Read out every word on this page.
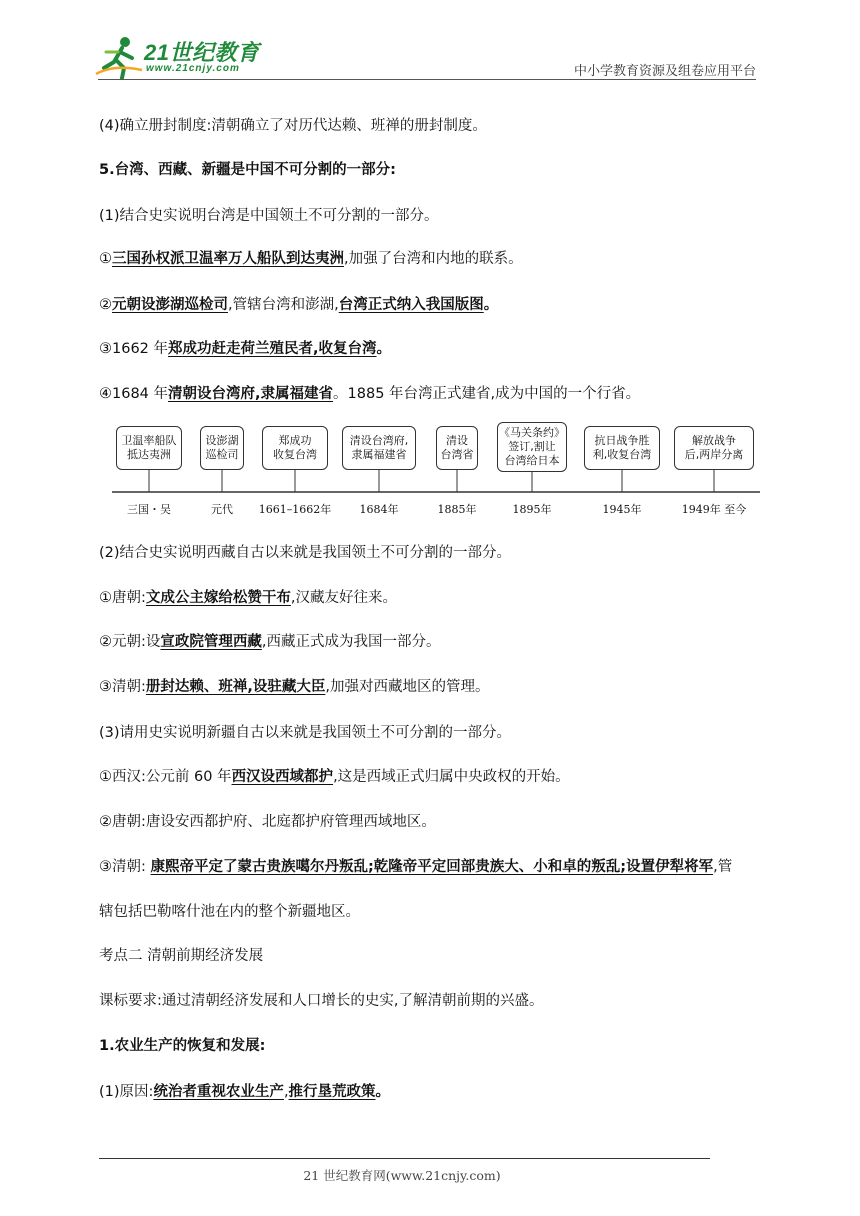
21世纪教育
www.21cnjy.com	中小学教育资源及组卷应用平台
(4)确立册封制度:清朝确立了对历代达赖、班禅的册封制度。
5.台湾、西藏、新疆是中国不可分割的一部分:
(1)结合史实说明台湾是中国领土不可分割的一部分。
①三国孙权派卫温率万人船队到达夷洲,加强了台湾和内地的联系。
②元朝设澎湖巡检司,管辖台湾和澎湖,台湾正式纳入我国版图。
③1662 年郑成功赶走荷兰殖民者,收复台湾。
④1684 年清朝设台湾府,隶属福建省。1885 年台湾正式建省,成为中国的一个行省。
(2)结合史实说明西藏自古以来就是我国领土不可分割的一部分。
①唐朝:文成公主嫁给松赞干布,汉藏友好往来。
②元朝:设宣政院管理西藏,西藏正式成为我国一部分。
③清朝:册封达赖、班禅,设驻藏大臣,加强对西藏地区的管理。
(3)请用史实说明新疆自古以来就是我国领土不可分割的一部分。
①西汉:公元前 60 年西汉设西域都护,这是西域正式归属中央政权的开始。
②唐朝:唐设安西都护府、北庭都护府管理西域地区。
③清朝: 康熙帝平定了蒙古贵族噶尔丹叛乱;乾隆帝平定回部贵族大、小和卓的叛乱;设置伊犁将军,管
辖包括巴勒喀什池在内的整个新疆地区。
考点二 清朝前期经济发展
课标要求:通过清朝经济发展和人口增长的史实,了解清朝前期的兴盛。
1.农业生产的恢复和发展:
(1)原因:统治者重视农业生产,推行垦荒政策。
卫温率船队
抵达夷洲
三国・吴
设澎湖
巡检司
元代
郑成功
收复台湾
1661–1662年
清设台湾府,
隶属福建省
1684年
清设
台湾省
1885年
《马关条约》
签订,割让
台湾给日本
1895年
抗日战争胜
利,收复台湾
1945年
解放战争
后,两岸分离
1949年 至今
21 世纪教育网(www.21cnjy.com)
